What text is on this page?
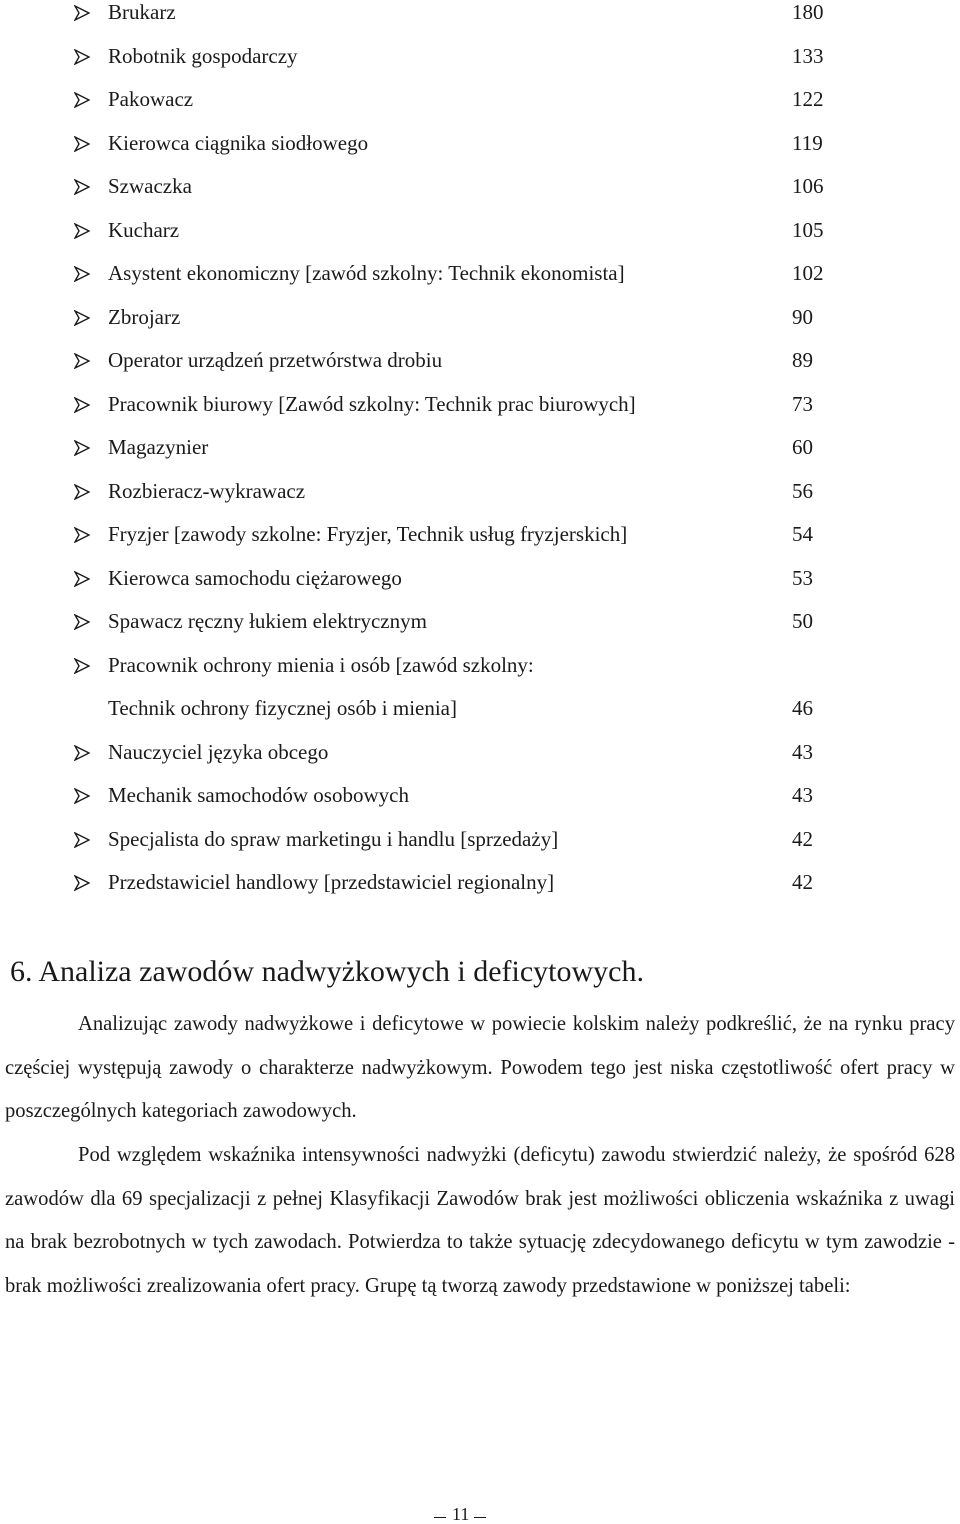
Brukarz	180
Robotnik gospodarczy	133
Pakowacz	122
Kierowca ciągnika siodłowego	119
Szwaczka	106
Kucharz	105
Asystent ekonomiczny [zawód szkolny: Technik ekonomista]	102
Zbrojarz	90
Operator urządzeń przetwórstwa drobiu	89
Pracownik biurowy [Zawód szkolny: Technik prac biurowych]	73
Magazynier	60
Rozbieracz-wykrawacz	56
Fryzjer [zawody szkolne: Fryzjer, Technik usług fryzjerskich]	54
Kierowca samochodu ciężarowego	53
Spawacz ręczny łukiem elektrycznym	50
Pracownik ochrony mienia i osób [zawód szkolny:
Technik ochrony fizycznej osób i mienia]	46
Nauczyciel języka obcego	43
Mechanik samochodów osobowych	43
Specjalista do spraw marketingu i handlu [sprzedaży]	42
Przedstawiciel handlowy [przedstawiciel regionalny]	42
6. Analiza zawodów nadwyżkowych i deficytowych.

Analizując zawody nadwyżkowe i deficytowe w powiecie kolskim należy podkreślić, że na rynku pracy częściej występują zawody o charakterze nadwyżkowym. Powodem tego jest niska częstotliwość ofert pracy w poszczególnych kategoriach zawodowych.

Pod względem wskaźnika intensywności nadwyżki (deficytu) zawodu stwierdzić należy, że spośród 628 zawodów dla 69 specjalizacji z pełnej Klasyfikacji Zawodów brak jest możliwości obliczenia wskaźnika z uwagi na brak bezrobotnych w tych zawodach. Potwierdza to także sytuację zdecydowanego deficytu w tym zawodzie - brak możliwości zrealizowania ofert pracy. Grupę tą tworzą zawody przedstawione w poniższej tabeli:

11
